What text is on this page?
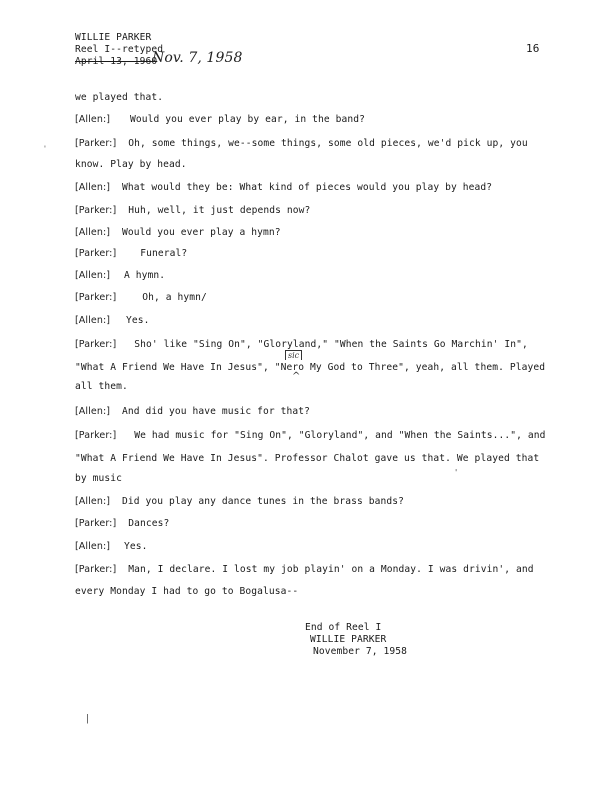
WILLIE PARKER
Reel I--retyped
April 13, 1960
Nov. 7, 1958
16
we played that.
[Allen:] Would you ever play by ear, in the band?
[Parker:] Oh, some things, we--some things, some old pieces, we'd pick up, you
know. Play by head.
[Allen:] What would they be: What kind of pieces would you play by head?
[Parker:] Huh, well, it just depends now?
[Allen:] Would you ever play a hymn?
[Parker:] Funeral?
[Allen:] A hymn.
[Parker:]	Oh, a hymn/
[Allen:] Yes.
[Parker:] Sho' like "Sing On", "Gloryland," "When the Saints Go Marchin' In",
"What A Friend We Have In Jesus", "Nero My God to Three", yeah, all them. Played
all them.
[Allen:] And did you have music for that?
[Parker:] We had music for "Sing On", "Gloryland", and "When the Saints...", and
"What A Friend We Have In Jesus". Professor Chalot gave us that. We played that
by music
[Allen:] Did you play any dance tunes in the brass bands?
[Parker:] Dances?
[Allen:] Yes.
[Parker:] Man, I declare. I lost my job playin' on a Monday. I was drivin', and
every Monday I had to go to Bogalusa--
sic
^
End of Reel I
WILLIE PARKER
November 7, 1958
'
|
'
